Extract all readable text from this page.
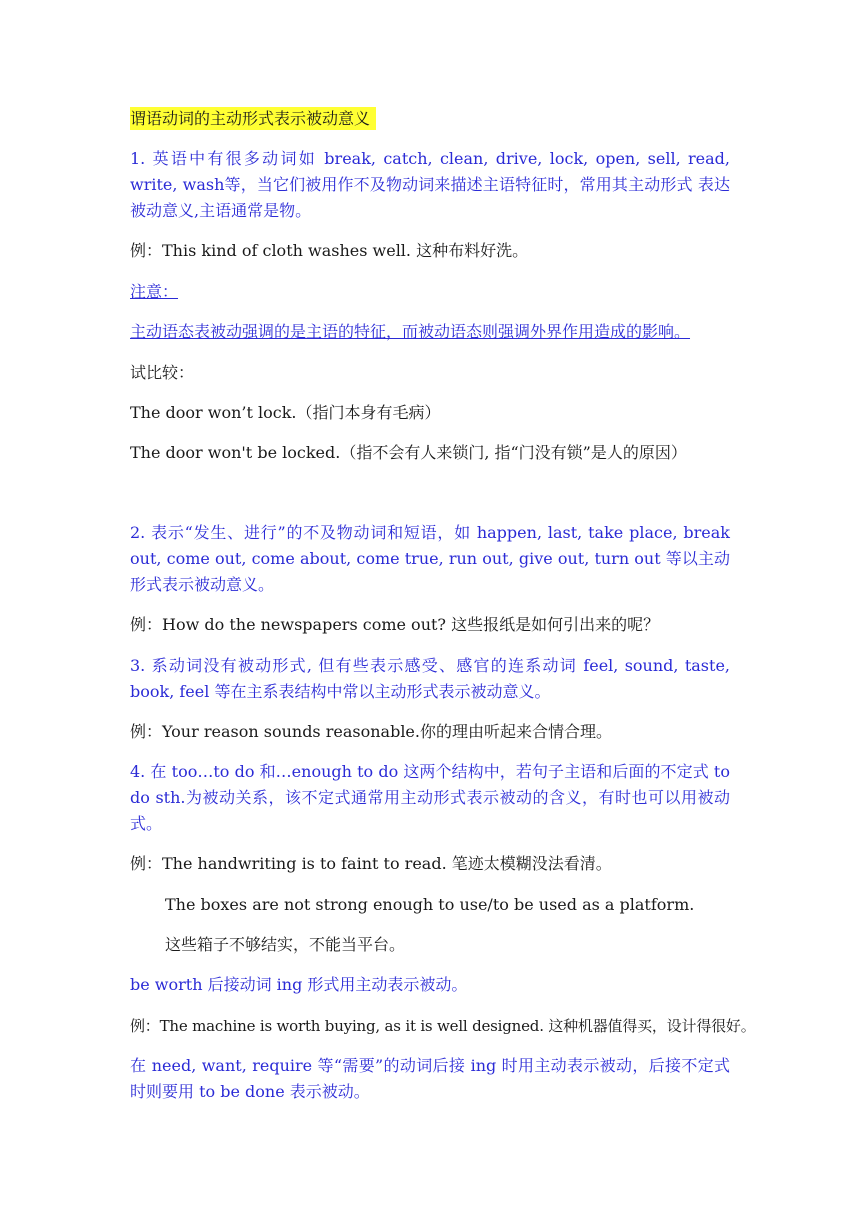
谓语动词的主动形式表示被动意义

1. 英语中有很多动词如 break, catch, clean, drive, lock, open, sell, read, write, wash等，当它们被用作不及物动词来描述主语特征时，常用其主动形式 表达被动意义,主语通常是物。

例：This kind of cloth washes well. 这种布料好洗。

注意：

主动语态表被动强调的是主语的特征，而被动语态则强调外界作用造成的影响。

试比较：

The door won’t lock.（指门本身有毛病）

The door won't be locked.（指不会有人来锁门, 指“门没有锁”是人的原因）

2. 表示“发生、进行”的不及物动词和短语，如 happen, last, take place, break out, come out, come about, come true, run out, give out, turn out 等以主动形式表示被动意义。

例：How do the newspapers come out? 这些报纸是如何引出来的呢？

3. 系动词没有被动形式, 但有些表示感受、感官的连系动词 feel, sound, taste, book, feel 等在主系表结构中常以主动形式表示被动意义。

例：Your reason sounds reasonable.你的理由听起来合情合理。

4. 在 too…to do 和…enough to do 这两个结构中，若句子主语和后面的不定式 to do sth.为被动关系，该不定式通常用主动形式表示被动的含义，有时也可以用被动式。

例：The handwriting is to faint to read. 笔迹太模糊没法看清。

The boxes are not strong enough to use/to be used as a platform.

这些箱子不够结实，不能当平台。

be worth 后接动词 ing 形式用主动表示被动。

例：The machine is worth buying, as it is well designed. 这种机器值得买，设计得很好。

在 need, want, require 等“需要”的动词后接 ing 时用主动表示被动，后接不定式时则要用 to be done 表示被动。
